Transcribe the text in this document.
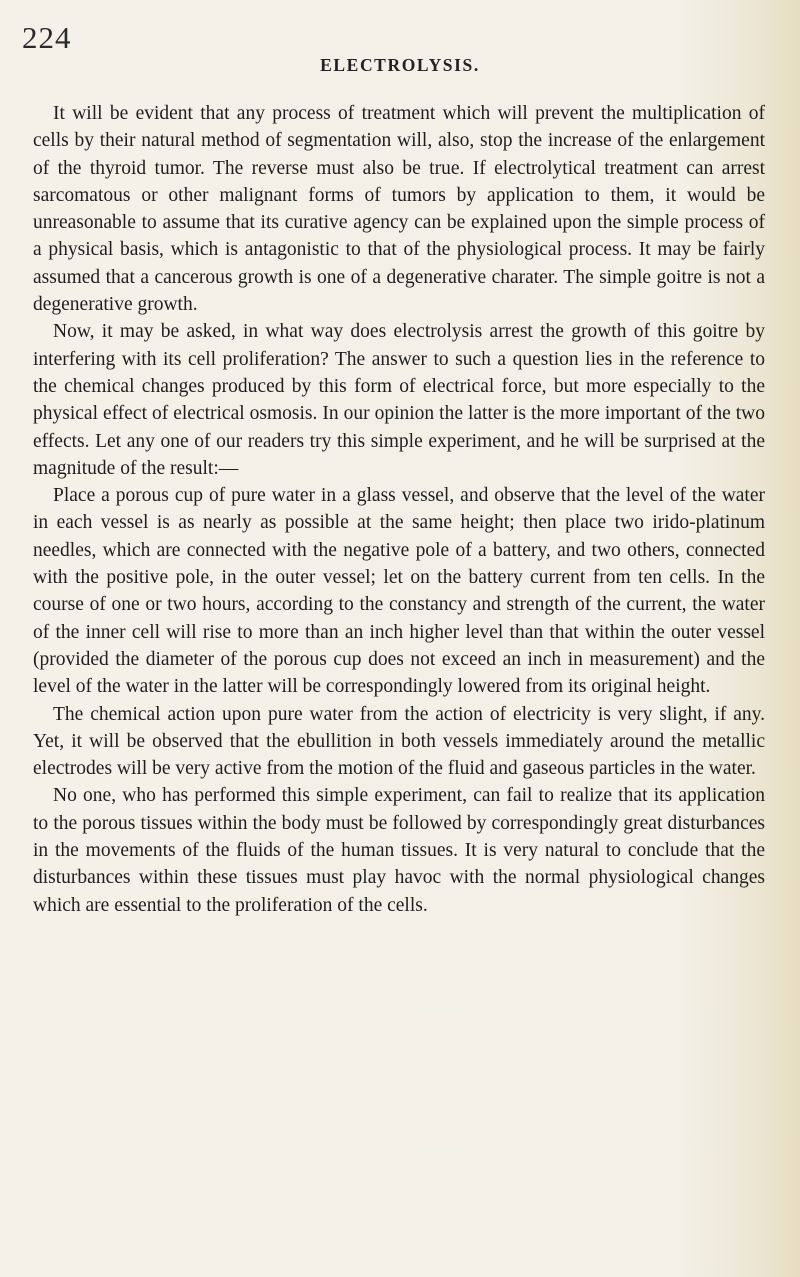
224
ELECTROLYSIS.

It will be evident that any process of treatment which will prevent the multiplication of cells by their natural method of segmentation will, also, stop the increase of the enlargement of the thyroid tumor. The reverse must also be true. If electrolytical treatment can arrest sarcomatous or other malignant forms of tumors by application to them, it would be unreasonable to assume that its curative agency can be explained upon the simple process of a physical basis, which is antagonistic to that of the physiological process. It may be fairly assumed that a cancerous growth is one of a degenerative charater. The simple goitre is not a degenerative growth.

Now, it may be asked, in what way does electrolysis arrest the growth of this goitre by interfering with its cell proliferation? The answer to such a question lies in the reference to the chemical changes produced by this form of electrical force, but more especially to the physical effect of electrical osmosis. In our opinion the latter is the more important of the two effects. Let any one of our readers try this simple experiment, and he will be surprised at the magnitude of the result:—

Place a porous cup of pure water in a glass vessel, and observe that the level of the water in each vessel is as nearly as possible at the same height; then place two irido-platinum needles, which are connected with the negative pole of a battery, and two others, connected with the positive pole, in the outer vessel; let on the battery current from ten cells. In the course of one or two hours, according to the constancy and strength of the current, the water of the inner cell will rise to more than an inch higher level than that within the outer vessel (provided the diameter of the porous cup does not exceed an inch in measurement) and the level of the water in the latter will be correspondingly lowered from its original height.

The chemical action upon pure water from the action of electricity is very slight, if any. Yet, it will be observed that the ebullition in both vessels immediately around the metallic electrodes will be very active from the motion of the fluid and gaseous particles in the water.

No one, who has performed this simple experiment, can fail to realize that its application to the porous tissues within the body must be followed by correspondingly great disturbances in the movements of the fluids of the human tissues. It is very natural to conclude that the disturbances within these tissues must play havoc with the normal physiological changes which are essential to the proliferation of the cells.
